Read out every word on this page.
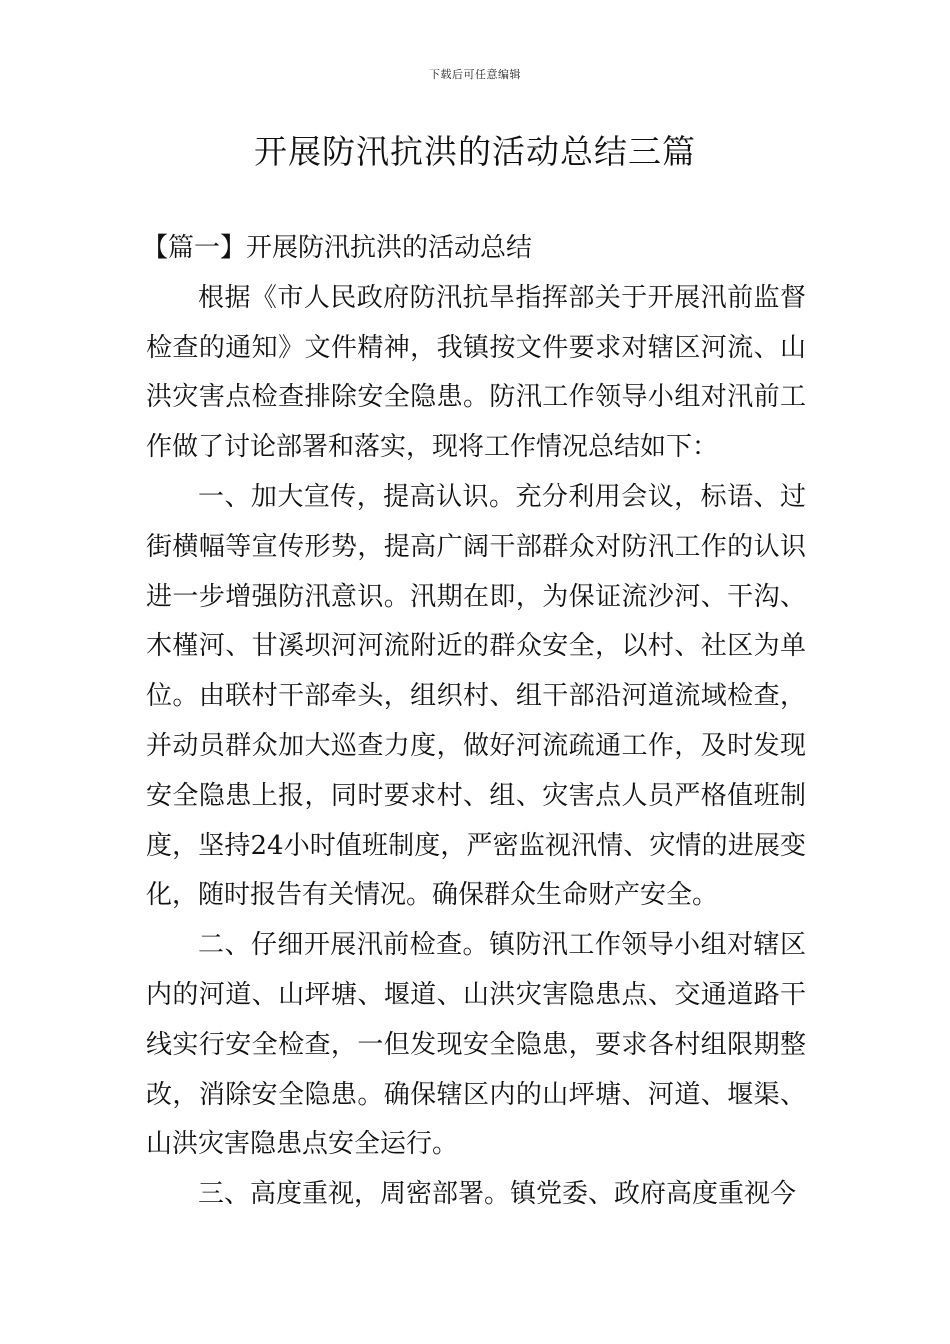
下载后可任意编辑
开展防汛抗洪的活动总结三篇

【篇一】开展防汛抗洪的活动总结

根据《市人民政府防汛抗旱指挥部关于开展汛前监督检查的通知》文件精神，我镇按文件要求对辖区河流、山洪灾害点检查排除安全隐患。防汛工作领导小组对汛前工作做了讨论部署和落实，现将工作情况总结如下：

一、加大宣传，提高认识。充分利用会议，标语、过街横幅等宣传形势，提高广阔干部群众对防汛工作的认识进一步增强防汛意识。汛期在即，为保证流沙河、干沟、木槿河、甘溪坝河河流附近的群众安全，以村、社区为单位。由联村干部牵头，组织村、组干部沿河道流域检查，并动员群众加大巡查力度，做好河流疏通工作，及时发现安全隐患上报，同时要求村、组、灾害点人员严格值班制度，坚持24小时值班制度，严密监视汛情、灾情的进展变化，随时报告有关情况。确保群众生命财产安全。

二、仔细开展汛前检查。镇防汛工作领导小组对辖区内的河道、山坪塘、堰道、山洪灾害隐患点、交通道路干线实行安全检查，一但发现安全隐患，要求各村组限期整改，消除安全隐患。确保辖区内的山坪塘、河道、堰渠、山洪灾害隐患点安全运行。

三、高度重视，周密部署。镇党委、政府高度重视今
